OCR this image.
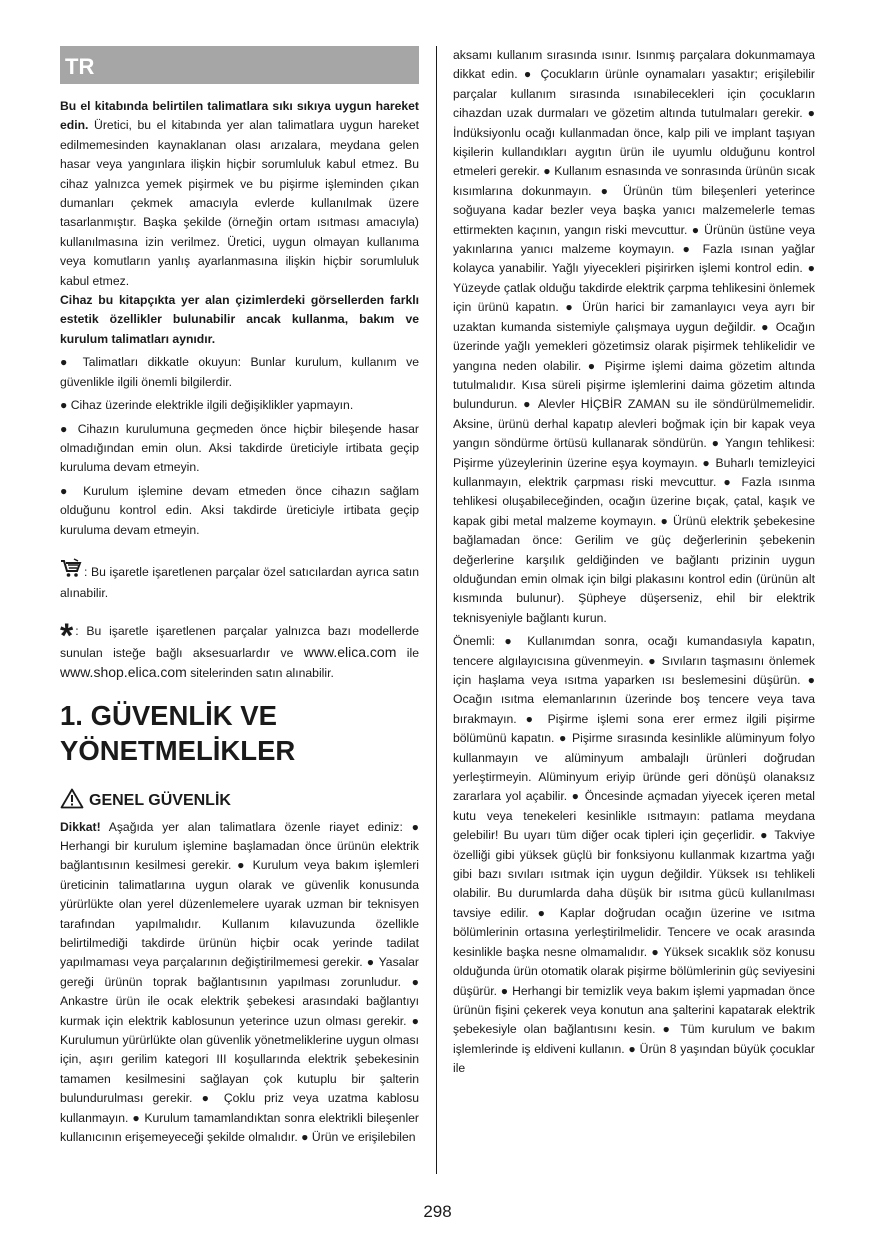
TR

Bu el kitabında belirtilen talimatlara sıkı sıkıya uygun hareket edin. Üretici, bu el kitabında yer alan talimatlara uygun hareket edilmemesinden kaynaklanan olası arızalara, meydana gelen hasar veya yangınlara ilişkin hiçbir sorumluluk kabul etmez. Bu cihaz yalnızca yemek pişirmek ve bu pişirme işleminden çıkan dumanları çekmek amacıyla evlerde kullanılmak üzere tasarlanmıştır. Başka şekilde (örneğin ortam ısıtması amacıyla) kullanılmasına izin verilmez. Üretici, uygun olmayan kullanıma veya komutların yanlış ayarlanmasına ilişkin hiçbir sorumluluk kabul etmez.

Cihaz bu kitapçıkta yer alan çizimlerdeki görsellerden farklı estetik özellikler bulunabilir ancak kullanma, bakım ve kurulum talimatları aynıdır.

● Talimatları dikkatle okuyun: Bunlar kurulum, kullanım ve güvenlikle ilgili önemli bilgilerdir.

● Cihaz üzerinde elektrikle ilgili değişiklikler yapmayın.

● Cihazın kurulumuna geçmeden önce hiçbir bileşende hasar olmadığından emin olun. Aksi takdirde üreticiyle irtibata geçip kuruluma devam etmeyin.

● Kurulum işlemine devam etmeden önce cihazın sağlam olduğunu kontrol edin. Aksi takdirde üreticiyle irtibata geçip kuruluma devam etmeyin.

: Bu işaretle işaretlenen parçalar özel satıcılardan ayrıca satın alınabilir.

* : Bu işaretle işaretlenen parçalar yalnızca bazı modellerde sunulan isteğe bağlı aksesuarlardır ve www.elica.com ile www.shop.elica.com sitelerinden satın alınabilir.

1. GÜVENLİK VE
YÖNETMELİKLER
GENEL GÜVENLİK

Dikkat! Aşağıda yer alan talimatlara özenle riayet ediniz: ● Herhangi bir kurulum işlemine başlamadan önce ürünün elektrik bağlantısının kesilmesi gerekir. ● Kurulum veya bakım işlemleri üreticinin talimatlarına uygun olarak ve güvenlik konusunda yürürlükte olan yerel düzenlemelere uyarak uzman bir teknisyen tarafından yapılmalıdır. Kullanım kılavuzunda özellikle belirtilmediği takdirde ürünün hiçbir ocak yerinde tadilat yapılmaması veya parçalarının değiştirilmemesi gerekir. ● Yasalar gereği ürünün toprak bağlantısının yapılması zorunludur. ● Ankastre ürün ile ocak elektrik şebekesi arasındaki bağlantıyı kurmak için elektrik kablosunun yeterince uzun olması gerekir. ● Kurulumun yürürlükte olan güvenlik yönetmeliklerine uygun olması için, aşırı gerilim kategori III koşullarında elektrik şebekesinin tamamen kesilmesini sağlayan çok kutuplu bir şalterin bulundurulması gerekir. ● Çoklu priz veya uzatma kablosu kullanmayın. ● Kurulum tamamlandıktan sonra elektrikli bileşenler kullanıcının erişemeyeceği şekilde olmalıdır. ● Ürün ve erişilebilen

aksamı kullanım sırasında ısınır. Isınmış parçalara dokunmamaya dikkat edin. ● Çocukların ürünle oynamaları yasaktır; erişilebilir parçalar kullanım sırasında ısınabilecekleri için çocukların cihazdan uzak durmaları ve gözetim altında tutulmaları gerekir. ● İndüksiyonlu ocağı kullanmadan önce, kalp pili ve implant taşıyan kişilerin kullandıkları aygıtın ürün ile uyumlu olduğunu kontrol etmeleri gerekir. ● Kullanım esnasında ve sonrasında ürünün sıcak kısımlarına dokunmayın. ● Ürünün tüm bileşenleri yeterince soğuyana kadar bezler veya başka yanıcı malzemelerle temas ettirmekten kaçının, yangın riski mevcuttur. ● Ürünün üstüne veya yakınlarına yanıcı malzeme koymayın. ● Fazla ısınan yağlar kolayca yanabilir. Yağlı yiyecekleri pişirirken işlemi kontrol edin. ● Yüzeyde çatlak olduğu takdirde elektrik çarpma tehlikesini önlemek için ürünü kapatın. ● Ürün harici bir zamanlayıcı veya ayrı bir uzaktan kumanda sistemiyle çalışmaya uygun değildir. ● Ocağın üzerinde yağlı yemekleri gözetimsiz olarak pişirmek tehlikelidir ve yangına neden olabilir. ● Pişirme işlemi daima gözetim altında tutulmalıdır. Kısa süreli pişirme işlemlerini daima gözetim altında bulundurun. ● Alevler HİÇBİR ZAMAN su ile söndürülmemelidir. Aksine, ürünü derhal kapatıp alevleri boğmak için bir kapak veya yangın söndürme örtüsü kullanarak söndürün. ● Yangın tehlikesi: Pişirme yüzeylerinin üzerine eşya koymayın. ● Buharlı temizleyici kullanmayın, elektrik çarpması riski mevcuttur. ● Fazla ısınma tehlikesi oluşabileceğinden, ocağın üzerine bıçak, çatal, kaşık ve kapak gibi metal malzeme koymayın. ● Ürünü elektrik şebekesine bağlamadan önce: Gerilim ve güç değerlerinin şebekenin değerlerine karşılık geldiğinden ve bağlantı prizinin uygun olduğundan emin olmak için bilgi plakasını kontrol edin (ürünün alt kısmında bulunur). Şüpheye düşerseniz, ehil bir elektrik teknisyeniyle bağlantı kurun.

Önemli: ● Kullanımdan sonra, ocağı kumandasıyla kapatın, tencere algılayıcısına güvenmeyin. ● Sıvıların taşmasını önlemek için haşlama veya ısıtma yaparken ısı beslemesini düşürün. ● Ocağın ısıtma elemanlarının üzerinde boş tencere veya tava bırakmayın. ● Pişirme işlemi sona erer ermez ilgili pişirme bölümünü kapatın. ● Pişirme sırasında kesinlikle alüminyum folyo kullanmayın ve alüminyum ambalajlı ürünleri doğrudan yerleştirmeyin. Alüminyum eriyip üründe geri dönüşü olanaksız zararlara yol açabilir. ● Öncesinde açmadan yiyecek içeren metal kutu veya tenekeleri kesinlikle ısıtmayın: patlama meydana gelebilir! Bu uyarı tüm diğer ocak tipleri için geçerlidir. ● Takviye özelliği gibi yüksek güçlü bir fonksiyonu kullanmak kızartma yağı gibi bazı sıvıları ısıtmak için uygun değildir. Yüksek ısı tehlikeli olabilir. Bu durumlarda daha düşük bir ısıtma gücü kullanılması tavsiye edilir. ● Kaplar doğrudan ocağın üzerine ve ısıtma bölümlerinin ortasına yerleştirilmelidir. Tencere ve ocak arasında kesinlikle başka nesne olmamalıdır. ● Yüksek sıcaklık söz konusu olduğunda ürün otomatik olarak pişirme bölümlerinin güç seviyesini düşürür. ● Herhangi bir temizlik veya bakım işlemi yapmadan önce ürünün fişini çekerek veya konutun ana şalterini kapatarak elektrik şebekesiyle olan bağlantısını kesin. ● Tüm kurulum ve bakım işlemlerinde iş eldiveni kullanın. ● Ürün 8 yaşından büyük çocuklar ile

298
